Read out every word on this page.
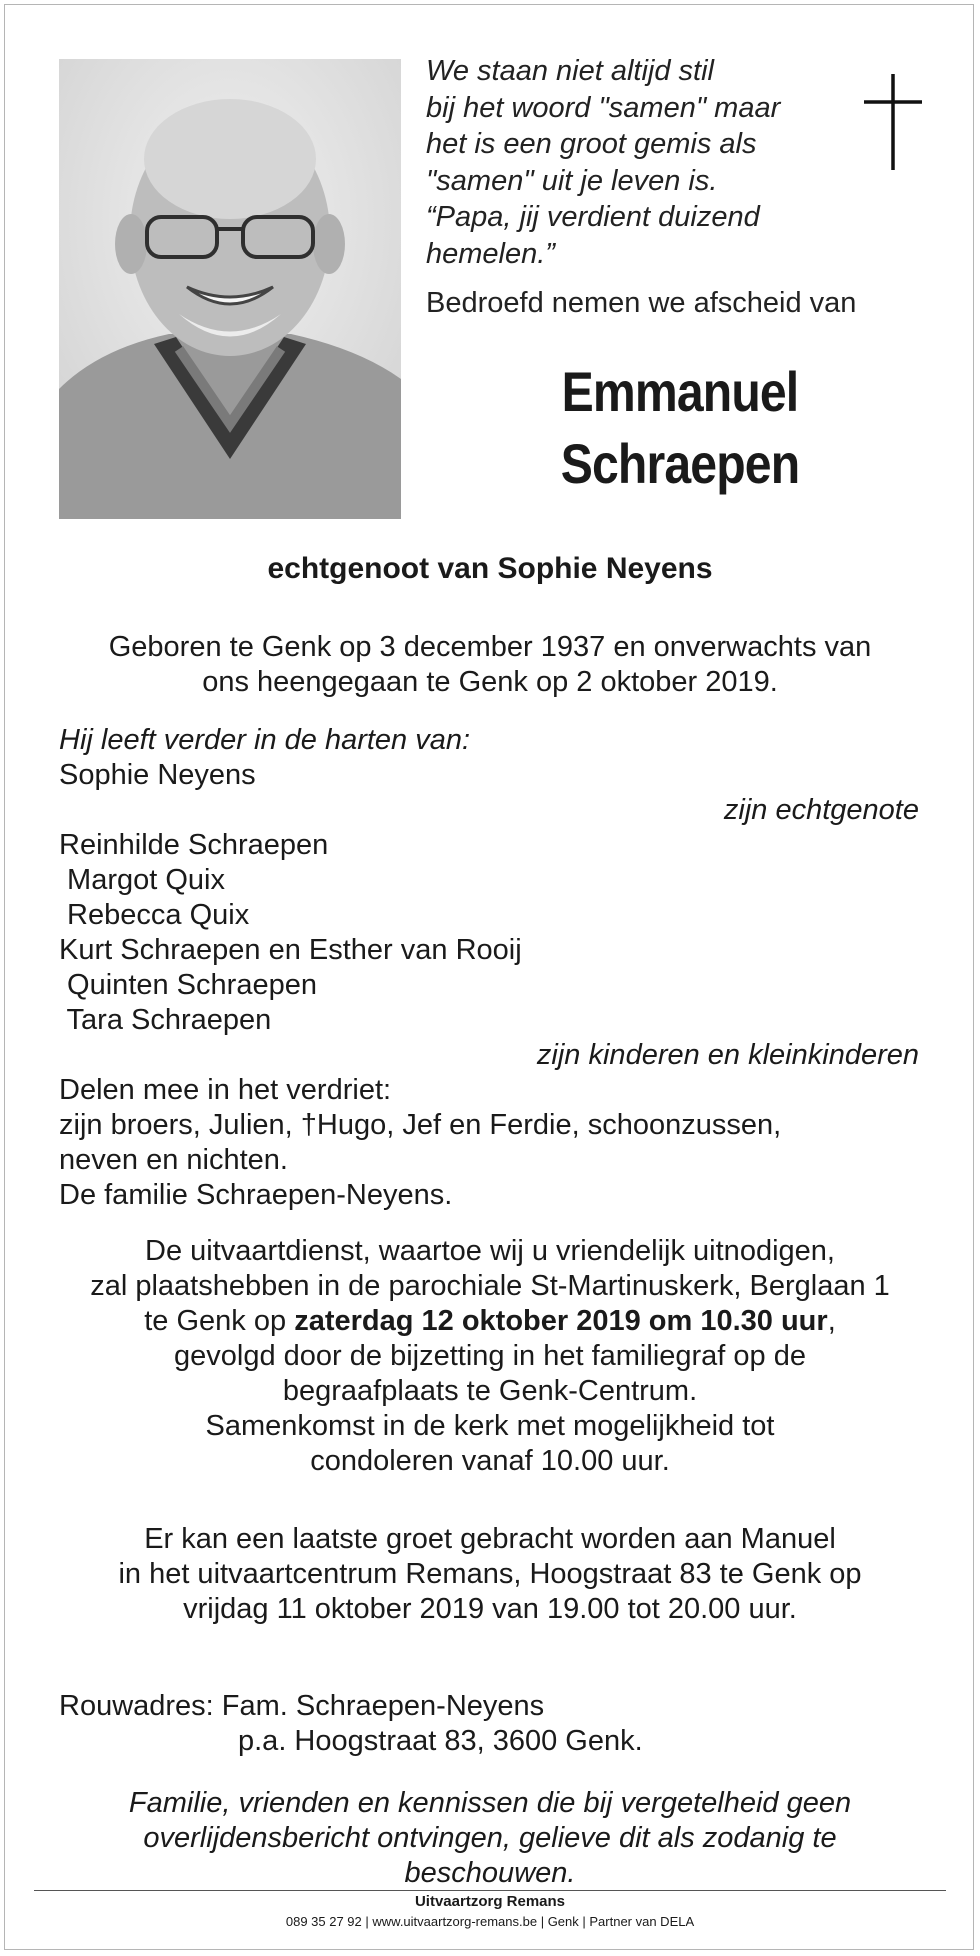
We staan niet altijd stil
bij het woord "samen" maar
het is een groot gemis als
"samen" uit je leven is.
“Papa, jij verdient duizend
hemelen.”
Bedroefd nemen we afscheid van
Emmanuel
Schraepen
echtgenoot van Sophie Neyens
Geboren te Genk op 3 december 1937 en onverwachts van
ons heengegaan te Genk op 2 oktober 2019.
Hij leeft verder in de harten van:
Sophie Neyens
zijn echtgenote
Reinhilde Schraepen
Margot Quix
Rebecca Quix
Kurt Schraepen en Esther van Rooij
Quinten Schraepen
Tara Schraepen
zijn kinderen en kleinkinderen
Delen mee in het verdriet:
zijn broers, Julien, †Hugo, Jef en Ferdie, schoonzussen,
neven en nichten.
De familie Schraepen-Neyens.
De uitvaartdienst, waartoe wij u vriendelijk uitnodigen,
zal plaatshebben in de parochiale St-Martinuskerk, Berglaan 1
te Genk op zaterdag 12 oktober 2019 om 10.30 uur,
gevolgd door de bijzetting in het familiegraf op de
begraafplaats te Genk-Centrum.
Samenkomst in de kerk met mogelijkheid tot
condoleren vanaf 10.00 uur.
Er kan een laatste groet gebracht worden aan Manuel
in het uitvaartcentrum Remans, Hoogstraat 83 te Genk op
vrijdag 11 oktober 2019 van 19.00 tot 20.00 uur.
Rouwadres: Fam. Schraepen-Neyens
p.a. Hoogstraat 83, 3600 Genk.
Familie, vrienden en kennissen die bij vergetelheid geen
overlijdensbericht ontvingen, gelieve dit als zodanig te
beschouwen.
Uitvaartzorg Remans
089 35 27 92 | www.uitvaartzorg-remans.be | Genk | Partner van DELA
